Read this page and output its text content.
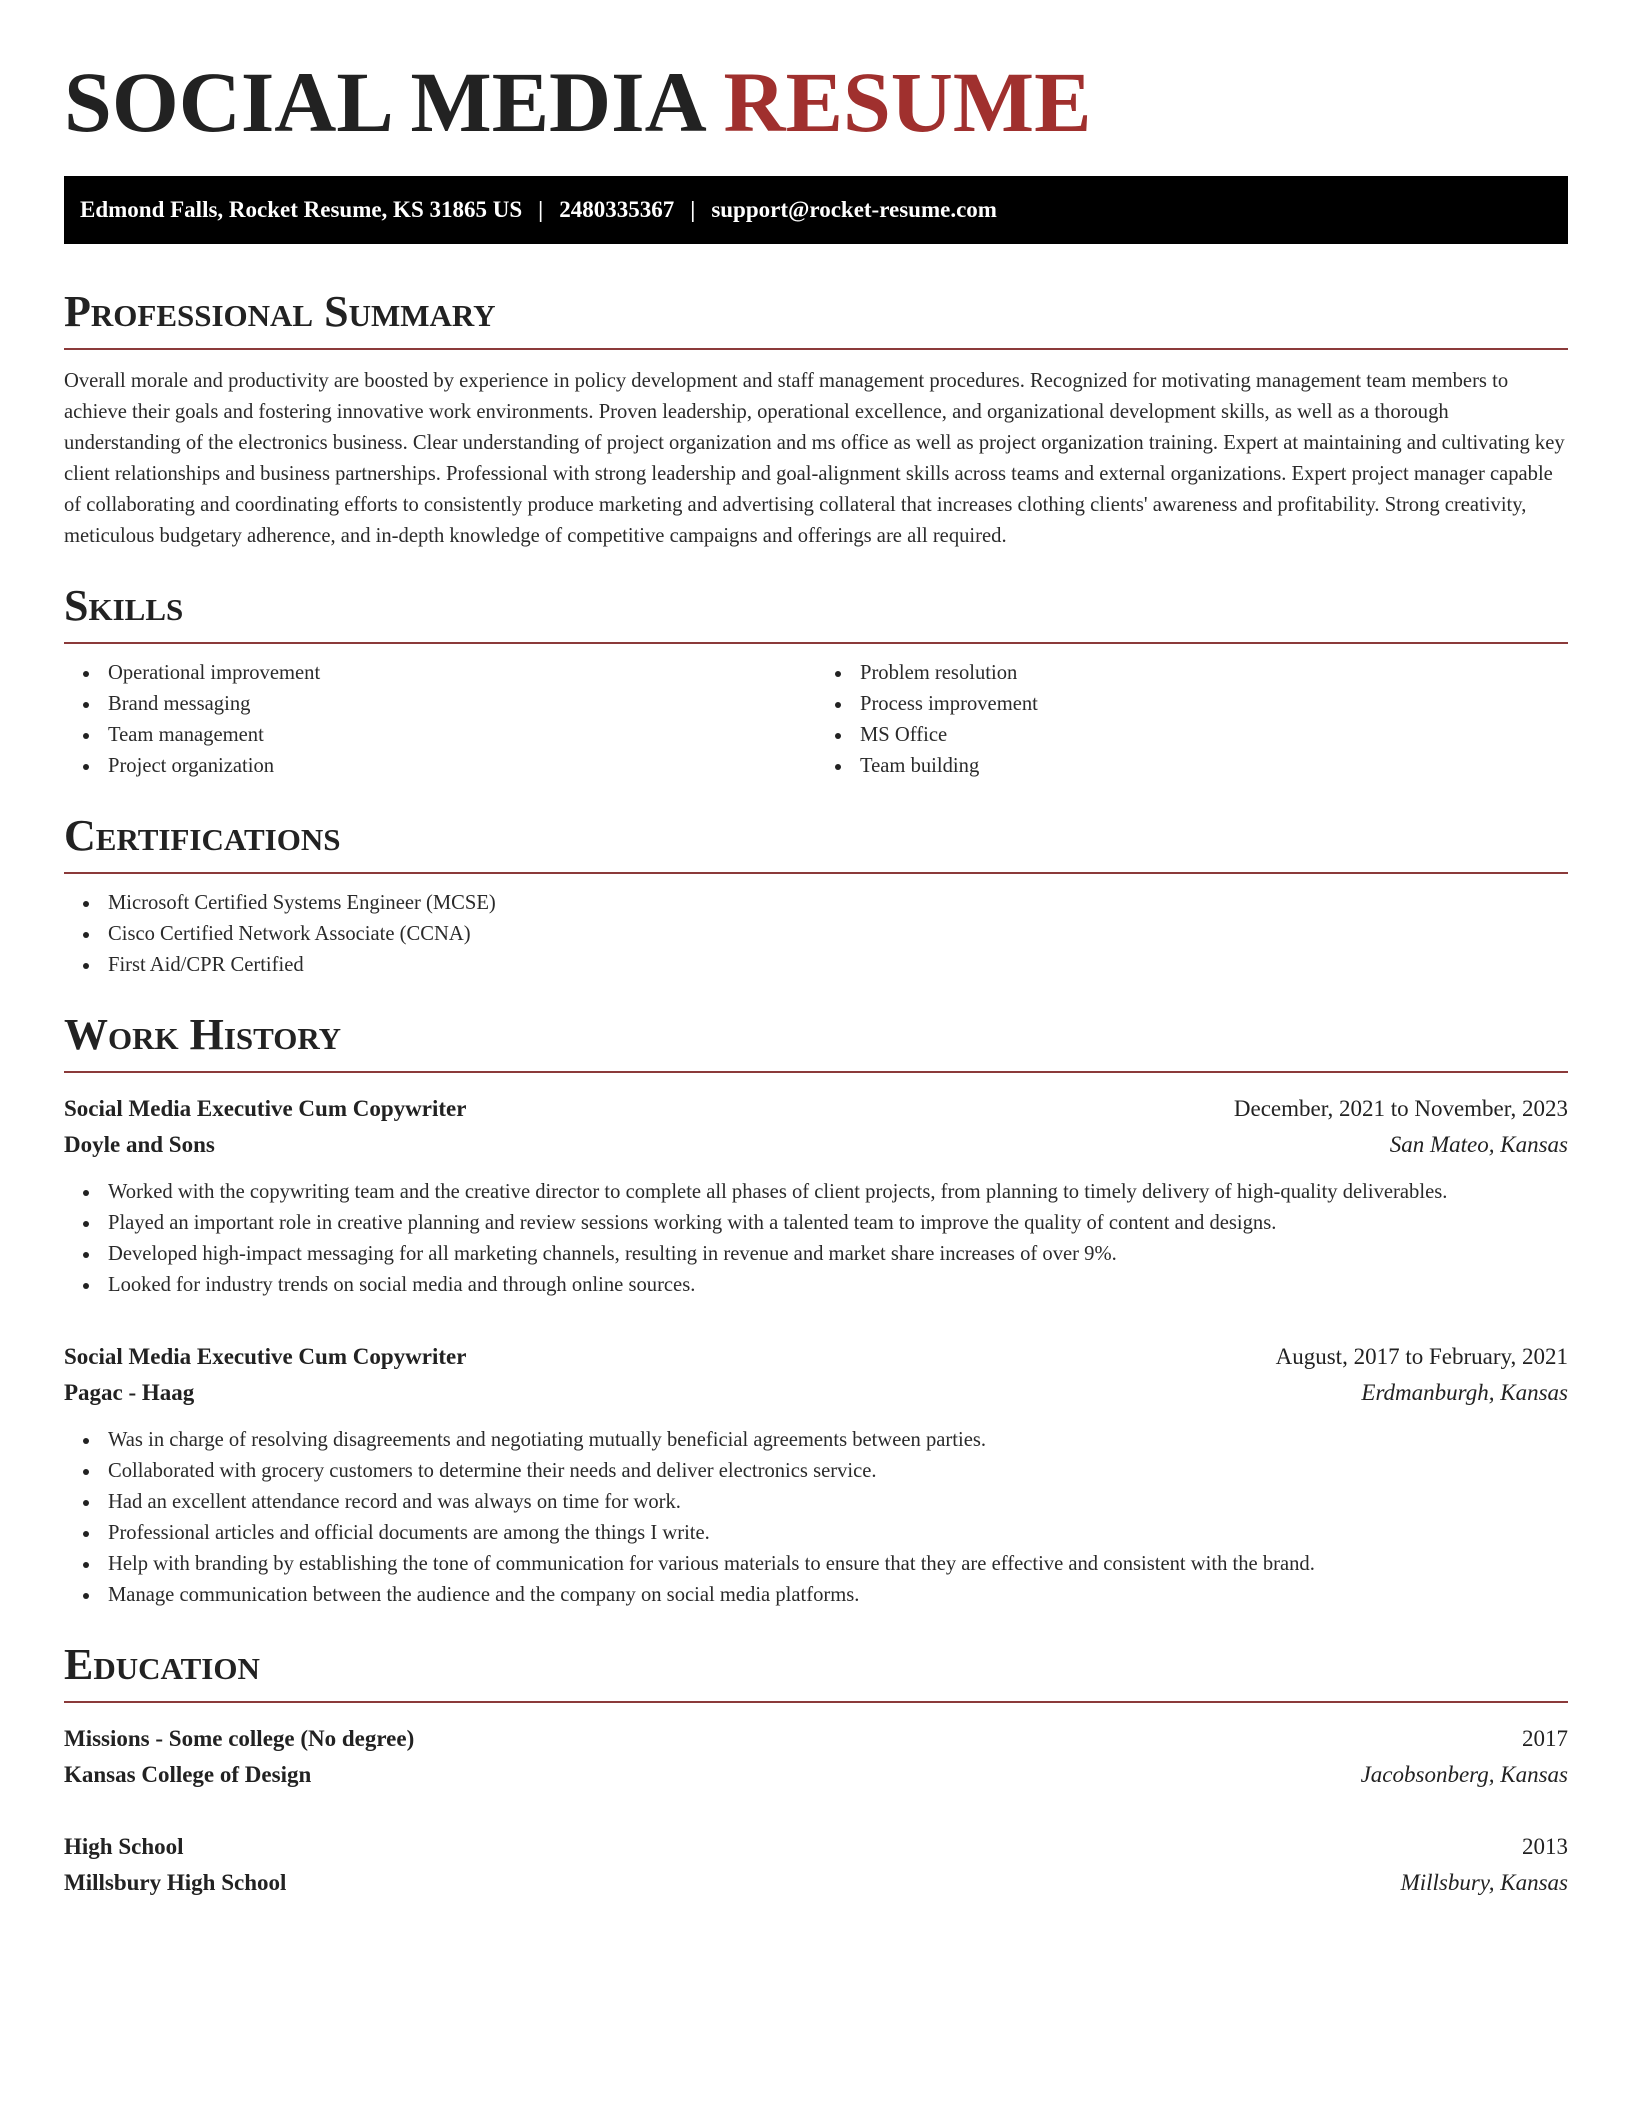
SOCIAL MEDIA RESUME
Edmond Falls, Rocket Resume, KS 31865 US | 2480335367 | support@rocket-resume.com
Professional Summary

Overall morale and productivity are boosted by experience in policy development and staff management procedures. Recognized for motivating management team members to achieve their goals and fostering innovative work environments. Proven leadership, operational excellence, and organizational development skills, as well as a thorough understanding of the electronics business. Clear understanding of project organization and ms office as well as project organization training. Expert at maintaining and cultivating key client relationships and business partnerships. Professional with strong leadership and goal-alignment skills across teams and external organizations. Expert project manager capable of collaborating and coordinating efforts to consistently produce marketing and advertising collateral that increases clothing clients' awareness and profitability. Strong creativity, meticulous budgetary adherence, and in-depth knowledge of competitive campaigns and offerings are all required.

Skills
Operational improvement
Brand messaging
Team management
Project organization
Problem resolution
Process improvement
MS Office
Team building
Certifications
Microsoft Certified Systems Engineer (MCSE)
Cisco Certified Network Associate (CCNA)
First Aid/CPR Certified
Work History
Social Media Executive Cum Copywriter	December, 2021 to November, 2023
Doyle and Sons	San Mateo, Kansas
Worked with the copywriting team and the creative director to complete all phases of client projects, from planning to timely delivery of high-quality deliverables.
Played an important role in creative planning and review sessions working with a talented team to improve the quality of content and designs.
Developed high-impact messaging for all marketing channels, resulting in revenue and market share increases of over 9%.
Looked for industry trends on social media and through online sources.
Social Media Executive Cum Copywriter	August, 2017 to February, 2021
Pagac - Haag	Erdmanburgh, Kansas
Was in charge of resolving disagreements and negotiating mutually beneficial agreements between parties.
Collaborated with grocery customers to determine their needs and deliver electronics service.
Had an excellent attendance record and was always on time for work.
Professional articles and official documents are among the things I write.
Help with branding by establishing the tone of communication for various materials to ensure that they are effective and consistent with the brand.
Manage communication between the audience and the company on social media platforms.
Education
Missions - Some college (No degree)	2017
Kansas College of Design	Jacobsonberg, Kansas
High School	2013
Millsbury High School	Millsbury, Kansas
